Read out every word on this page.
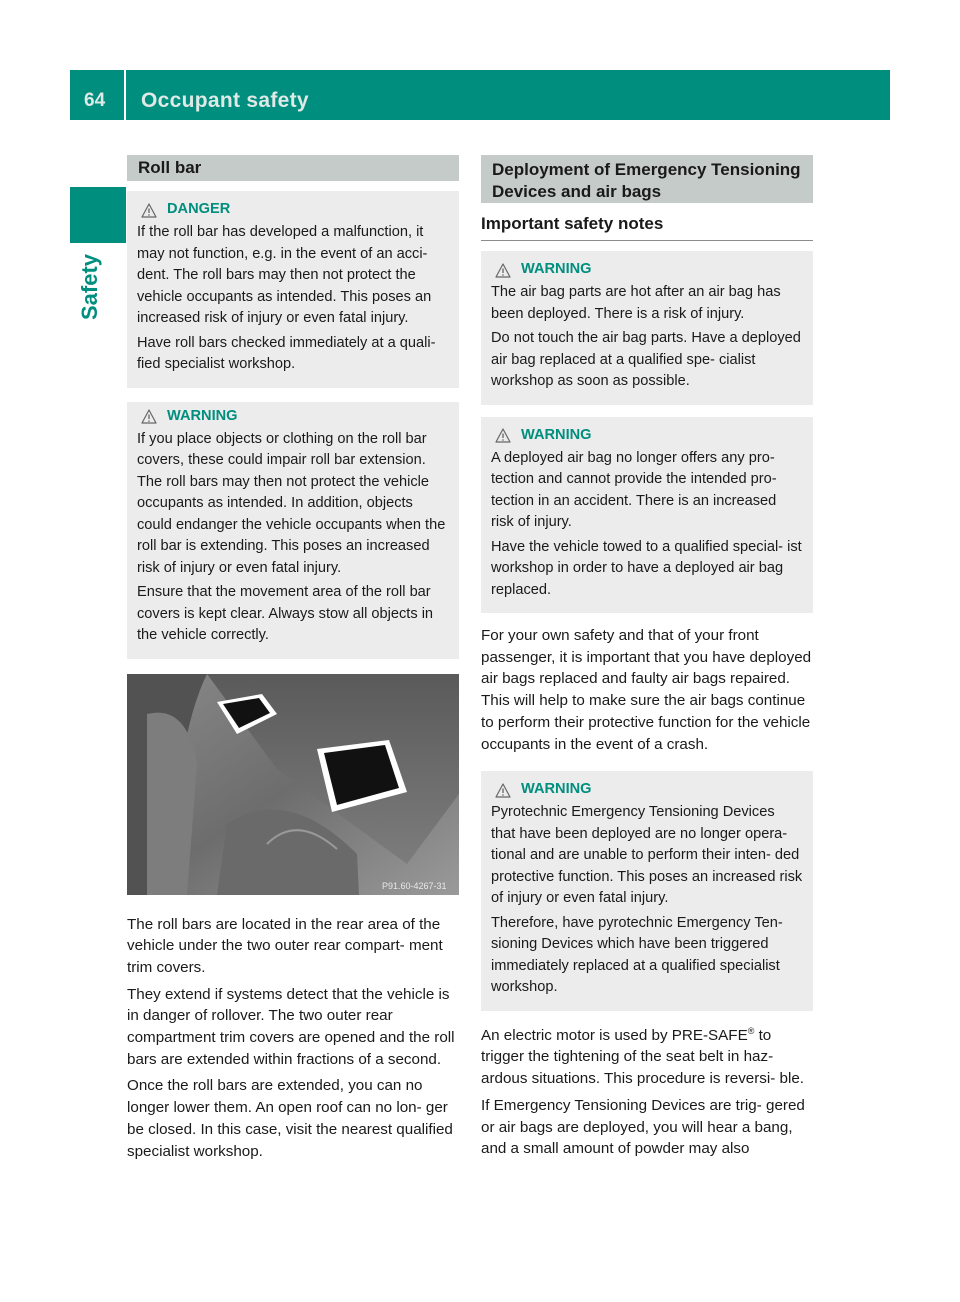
64 Occupant safety
Safety
Roll bar
DANGER

If the roll bar has developed a malfunction, it may not function, e.g. in the event of an acci- dent. The roll bars may then not protect the vehicle occupants as intended. This poses an increased risk of injury or even fatal injury.

Have roll bars checked immediately at a quali- fied specialist workshop.

WARNING

If you place objects or clothing on the roll bar covers, these could impair roll bar extension. The roll bars may then not protect the vehicle occupants as intended. In addition, objects could endanger the vehicle occupants when the roll bar is extending. This poses an increased risk of injury or even fatal injury.

Ensure that the movement area of the roll bar covers is kept clear. Always stow all objects in the vehicle correctly.

P91.60-4267-31

The roll bars are located in the rear area of the vehicle under the two outer rear compart- ment trim covers.

They extend if systems detect that the vehicle is in danger of rollover. The two outer rear compartment trim covers are opened and the roll bars are extended within fractions of a second.

Once the roll bars are extended, you can no longer lower them. An open roof can no lon- ger be closed. In this case, visit the nearest qualified specialist workshop.

Deployment of Emergency Tensioning Devices and air bags
Important safety notes
WARNING

The air bag parts are hot after an air bag has been deployed. There is a risk of injury.

Do not touch the air bag parts. Have a deployed air bag replaced at a qualified spe- cialist workshop as soon as possible.

WARNING

A deployed air bag no longer offers any pro- tection and cannot provide the intended pro- tection in an accident. There is an increased risk of injury.

Have the vehicle towed to a qualified special- ist workshop in order to have a deployed air bag replaced.

For your own safety and that of your front passenger, it is important that you have deployed air bags replaced and faulty air bags repaired. This will help to make sure the air bags continue to perform their protective function for the vehicle occupants in the event of a crash.

WARNING

Pyrotechnic Emergency Tensioning Devices that have been deployed are no longer opera- tional and are unable to perform their inten- ded protective function. This poses an increased risk of injury or even fatal injury.

Therefore, have pyrotechnic Emergency Ten- sioning Devices which have been triggered immediately replaced at a qualified specialist workshop.

An electric motor is used by PRE-SAFE® to trigger the tightening of the seat belt in haz- ardous situations. This procedure is reversi- ble.

If Emergency Tensioning Devices are trig- gered or air bags are deployed, you will hear a bang, and a small amount of powder may also
